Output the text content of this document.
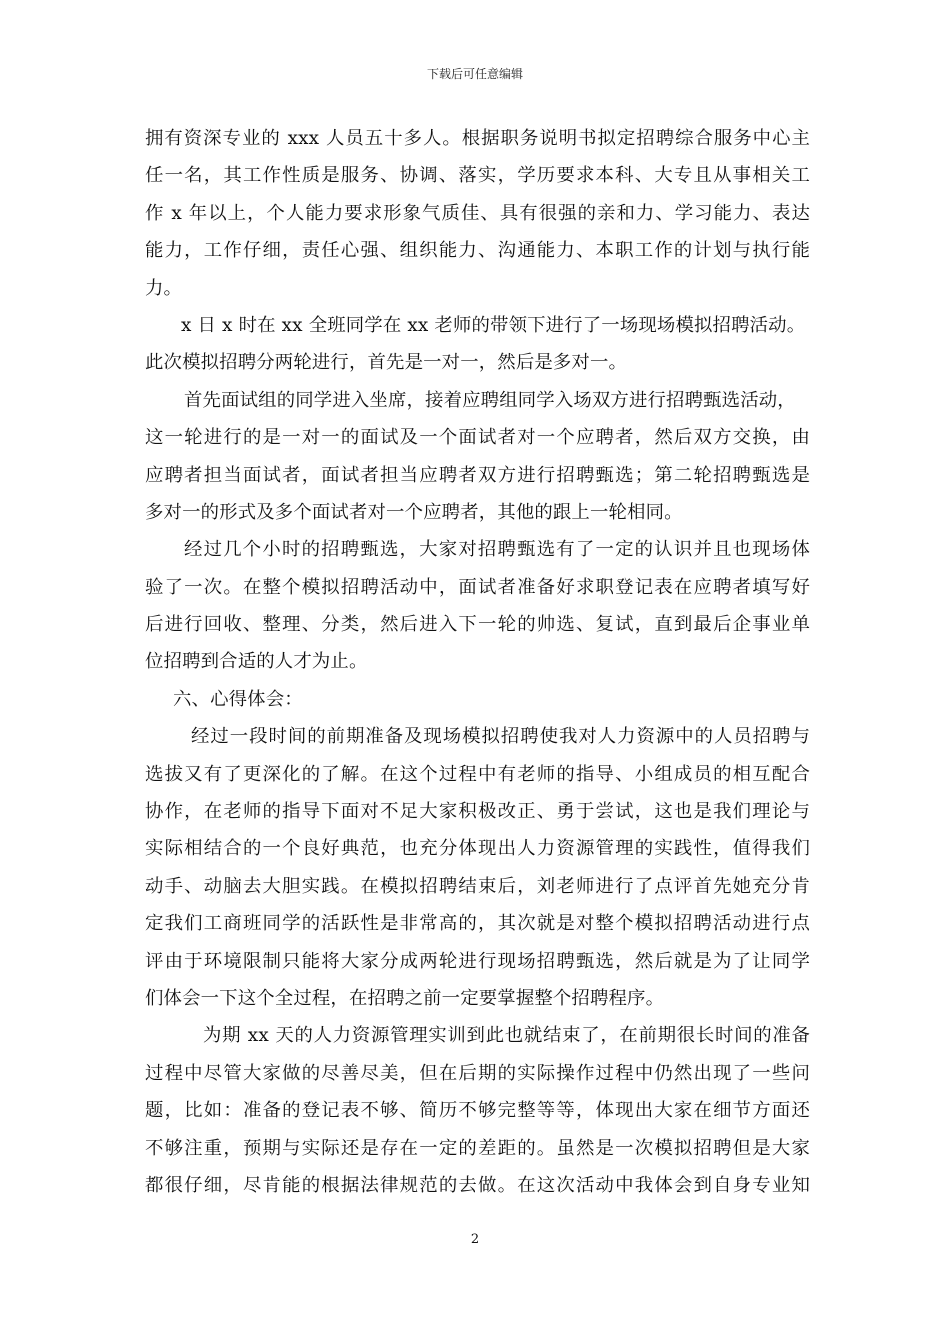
下载后可任意编辑
拥有资深专业的 xxx 人员五十多人。根据职务说明书拟定招聘综合服务中心主
任一名，其工作性质是服务、协调、落实，学历要求本科、大专且从事相关工
作 x 年以上，个人能力要求形象气质佳、具有很强的亲和力、学习能力、表达
能力，工作仔细，责任心强、组织能力、沟通能力、本职工作的计划与执行能
力。
x 日 x 时在 xx 全班同学在 xx 老师的带领下进行了一场现场模拟招聘活动。
此次模拟招聘分两轮进行，首先是一对一，然后是多对一。
首先面试组的同学进入坐席，接着应聘组同学入场双方进行招聘甄选活动，
这一轮进行的是一对一的面试及一个面试者对一个应聘者，然后双方交换，由
应聘者担当面试者，面试者担当应聘者双方进行招聘甄选；第二轮招聘甄选是
多对一的形式及多个面试者对一个应聘者，其他的跟上一轮相同。
经过几个小时的招聘甄选，大家对招聘甄选有了一定的认识并且也现场体
验了一次。在整个模拟招聘活动中，面试者准备好求职登记表在应聘者填写好
后进行回收、整理、分类，然后进入下一轮的帅选、复试，直到最后企事业单
位招聘到合适的人才为止。
六、心得体会：
经过一段时间的前期准备及现场模拟招聘使我对人力资源中的人员招聘与
选拔又有了更深化的了解。在这个过程中有老师的指导、小组成员的相互配合
协作，在老师的指导下面对不足大家积极改正、勇于尝试，这也是我们理论与
实际相结合的一个良好典范，也充分体现出人力资源管理的实践性，值得我们
动手、动脑去大胆实践。在模拟招聘结束后，刘老师进行了点评首先她充分肯
定我们工商班同学的活跃性是非常高的，其次就是对整个模拟招聘活动进行点
评由于环境限制只能将大家分成两轮进行现场招聘甄选，然后就是为了让同学
们体会一下这个全过程，在招聘之前一定要掌握整个招聘程序。
为期 xx 天的人力资源管理实训到此也就结束了，在前期很长时间的准备
过程中尽管大家做的尽善尽美，但在后期的实际操作过程中仍然出现了一些问
题，比如：准备的登记表不够、简历不够完整等等，体现出大家在细节方面还
不够注重，预期与实际还是存在一定的差距的。虽然是一次模拟招聘但是大家
都很仔细，尽肯能的根据法律规范的去做。在这次活动中我体会到自身专业知
2
